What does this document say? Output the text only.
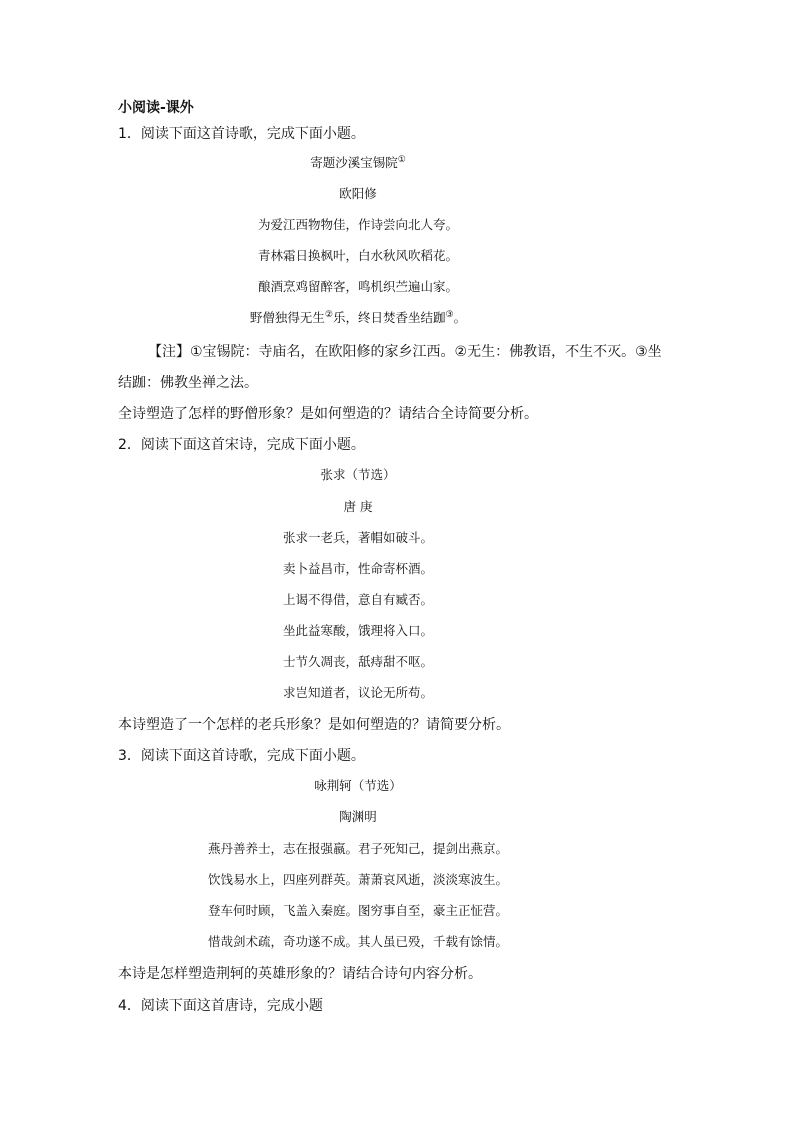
小阅读-课外
1．阅读下面这首诗歌，完成下面小题。
寄题沙溪宝锡院①
欧阳修
为爱江西物物佳，作诗尝向北人夸。
青林霜日换枫叶，白水秋风吹稻花。
酿酒烹鸡留醉客，鸣机织苎遍山家。
野僧独得无生②乐，终日焚香坐结跏③。
【注】①宝锡院：寺庙名，在欧阳修的家乡江西。②无生：佛教语，不生不灭。③坐
结跏：佛教坐禅之法。
全诗塑造了怎样的野僧形象？是如何塑造的？请结合全诗简要分析。
2．阅读下面这首宋诗，完成下面小题。
张求（节选）
唐 庚
张求一老兵，著帽如破斗。
卖卜益昌市，性命寄杯酒。
上谒不得借，意自有臧否。
坐此益寒酸，饿理将入口。
士节久凋丧，舐痔甜不呕。
求岂知道者，议论无所苟。
本诗塑造了一个怎样的老兵形象？是如何塑造的？请简要分析。
3．阅读下面这首诗歌，完成下面小题。
咏荆轲（节选）
陶渊明
燕丹善养士，志在报强嬴。君子死知己，提剑出燕京。
饮饯易水上，四座列群英。萧萧哀风逝，淡淡寒波生。
登车何时顾，飞盖入秦庭。图穷事自至，豪主正怔营。
惜哉剑术疏，奇功遂不成。其人虽已殁，千载有馀情。
本诗是怎样塑造荆轲的英雄形象的？请结合诗句内容分析。
4．阅读下面这首唐诗，完成小题
